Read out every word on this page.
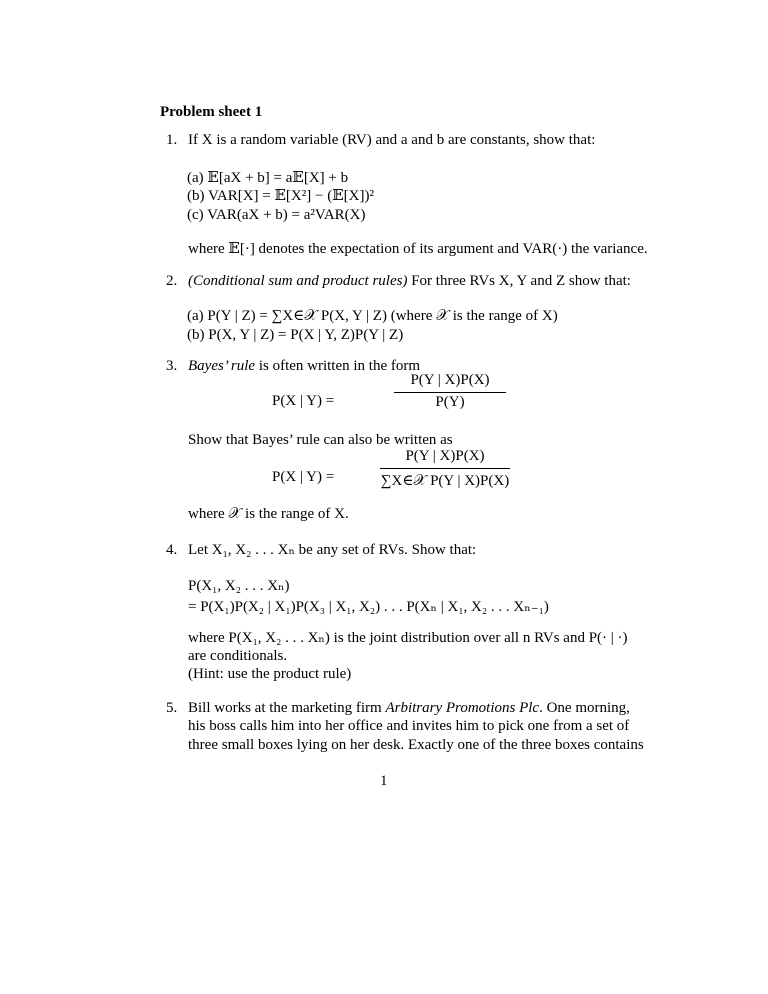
Problem sheet 1
1. If X is a random variable (RV) and a and b are constants, show that:
(a) 𝔼[aX + b] = a𝔼[X] + b
(b) VAR[X] = 𝔼[X²] − (𝔼[X])²
(c) VAR(aX + b) = a²VAR(X)
where 𝔼[·] denotes the expectation of its argument and VAR(·) the variance.
2. (Conditional sum and product rules) For three RVs X, Y and Z show that:
(a) P(Y | Z) = ∑X∈𝒳 P(X, Y | Z) (where 𝒳 is the range of X)
(b) P(X, Y | Z) = P(X | Y, Z)P(Y | Z)
3. Bayes’ rule is often written in the form
P(X | Y) =
P(Y | X)P(X)
P(Y)
Show that Bayes’ rule can also be written as
P(X | Y) =
P(Y | X)P(X)
∑X∈𝒳 P(Y | X)P(X)
where 𝒳 is the range of X.
4. Let X₁, X₂ . . . Xₙ be any set of RVs. Show that:
P(X₁, X₂ . . . Xₙ)
= P(X₁)P(X₂ | X₁)P(X₃ | X₁, X₂) . . . P(Xₙ | X₁, X₂ . . . Xₙ₋₁)
where P(X₁, X₂ . . . Xₙ) is the joint distribution over all n RVs and P(· | ·)
are conditionals.
(Hint: use the product rule)
5. Bill works at the marketing firm Arbitrary Promotions Plc. One morning,
his boss calls him into her office and invites him to pick one from a set of
three small boxes lying on her desk. Exactly one of the three boxes contains
1
